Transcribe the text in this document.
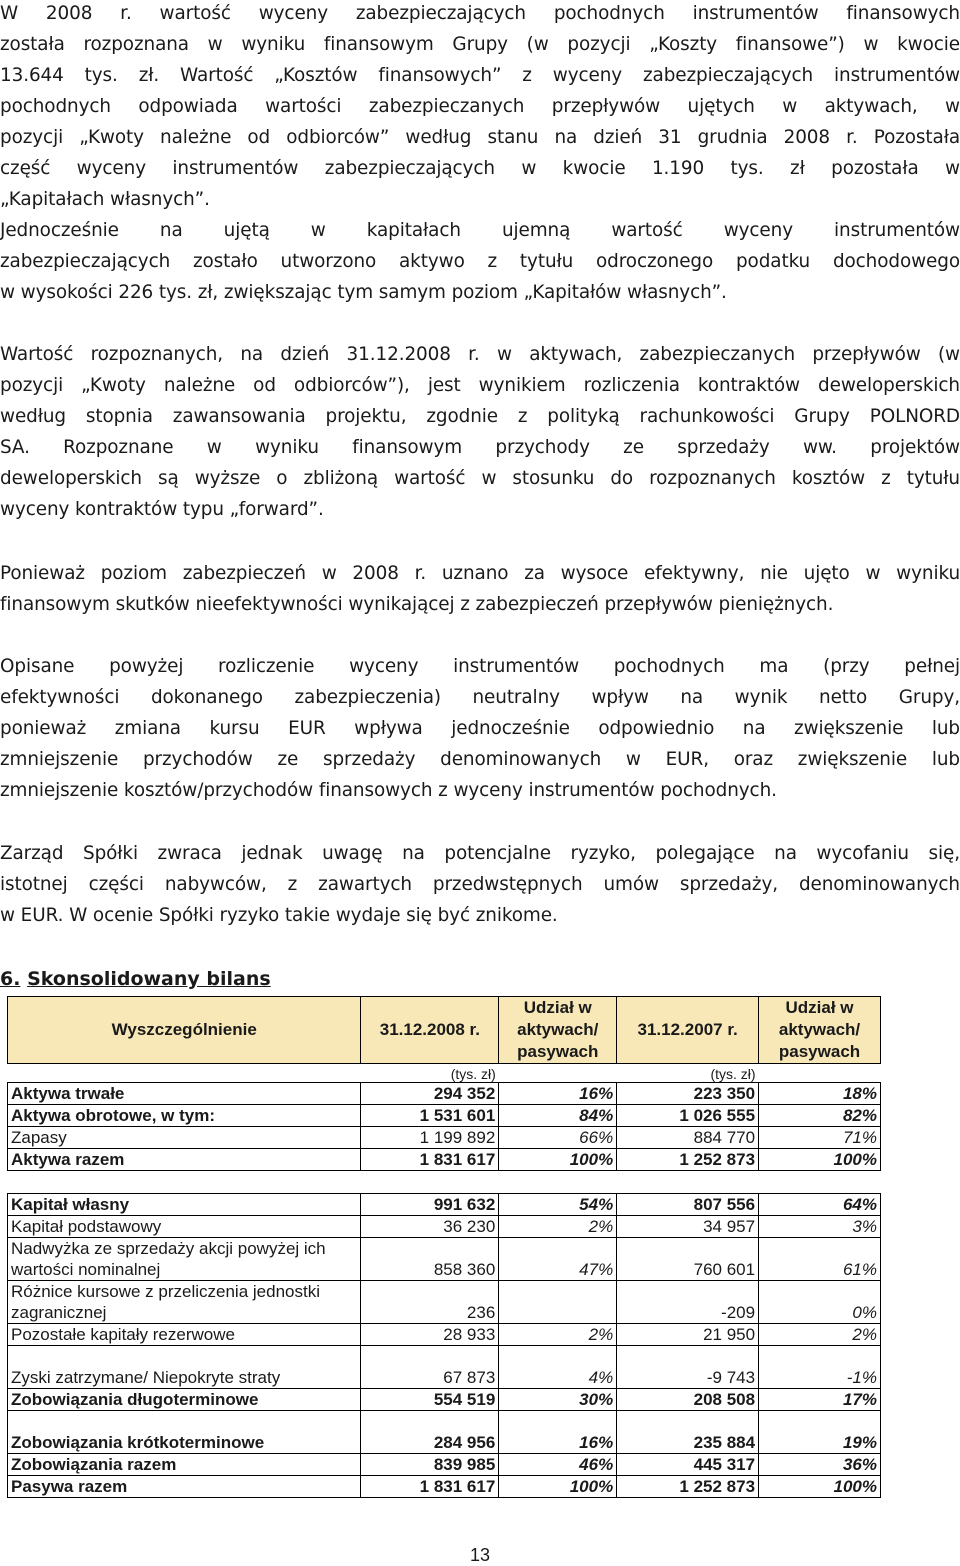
W 2008 r. wartość wyceny zabezpieczających pochodnych instrumentów finansowych
została rozpoznana w wyniku finansowym Grupy (w pozycji „Koszty finansowe”) w kwocie
13.644 tys. zł. Wartość „Kosztów finansowych” z wyceny zabezpieczających instrumentów
pochodnych odpowiada wartości zabezpieczanych przepływów ujętych w aktywach, w
pozycji „Kwoty należne od odbiorców” według stanu na dzień 31 grudnia 2008 r. Pozostała
część wyceny instrumentów zabezpieczających w kwocie 1.190 tys. zł pozostała w
„Kapitałach własnych”.
Jednocześnie na ujętą w kapitałach ujemną wartość wyceny instrumentów
zabezpieczających zostało utworzono aktywo z tytułu odroczonego podatku dochodowego
w wysokości 226 tys. zł, zwiększając tym samym poziom „Kapitałów własnych”.
Wartość rozpoznanych, na dzień 31.12.2008 r. w aktywach, zabezpieczanych przepływów (w
pozycji „Kwoty należne od odbiorców”), jest wynikiem rozliczenia kontraktów deweloperskich
według stopnia zawansowania projektu, zgodnie z polityką rachunkowości Grupy POLNORD
SA. Rozpoznane w wyniku finansowym przychody ze sprzedaży ww. projektów
deweloperskich są wyższe o zbliżoną wartość w stosunku do rozpoznanych kosztów z tytułu
wyceny kontraktów typu „forward”.
Ponieważ poziom zabezpieczeń w 2008 r. uznano za wysoce efektywny, nie ujęto w wyniku
finansowym skutków nieefektywności wynikającej z zabezpieczeń przepływów pieniężnych.
Opisane powyżej rozliczenie wyceny instrumentów pochodnych ma (przy pełnej
efektywności dokonanego zabezpieczenia) neutralny wpływ na wynik netto Grupy,
ponieważ zmiana kursu EUR wpływa jednocześnie odpowiednio na zwiększenie lub
zmniejszenie przychodów ze sprzedaży denominowanych w EUR, oraz zwiększenie lub
zmniejszenie kosztów/przychodów finansowych z wyceny instrumentów pochodnych.
Zarząd Spółki zwraca jednak uwagę na potencjalne ryzyko, polegające na wycofaniu się,
istotnej części nabywców, z zawartych przedwstępnych umów sprzedaży, denominowanych
w EUR. W ocenie Spółki ryzyko takie wydaje się być znikome.
6. Skonsolidowany bilans
Wyszczególnienie	31.12.2008 r.	Udział w aktywach/ pasywach	31.12.2007 r.	Udział w aktywach/ pasywach
	(tys. zł)		(tys. zł)	
Aktywa trwałe	294 352	16%	223 350	18%
Aktywa obrotowe, w tym:	1 531 601	84%	1 026 555	82%
Zapasy	1 199 892	66%	884 770	71%
Aktywa razem	1 831 617	100%	1 252 873	100%

Kapitał własny	991 632	54%	807 556	64%
Kapitał podstawowy	36 230	2%	34 957	3%
Nadwyżka ze sprzedaży akcji powyżej ich wartości nominalnej	858 360	47%	760 601	61%
Różnice kursowe z przeliczenia jednostki zagranicznej	236		-209	0%
Pozostałe kapitały rezerwowe	28 933	2%	21 950	2%
Zyski zatrzymane/ Niepokryte straty	67 873	4%	-9 743	-1%
Zobowiązania długoterminowe	554 519	30%	208 508	17%
Zobowiązania krótkoterminowe	284 956	16%	235 884	19%
Zobowiązania razem	839 985	46%	445 317	36%
Pasywa razem	1 831 617	100%	1 252 873	100%
13
